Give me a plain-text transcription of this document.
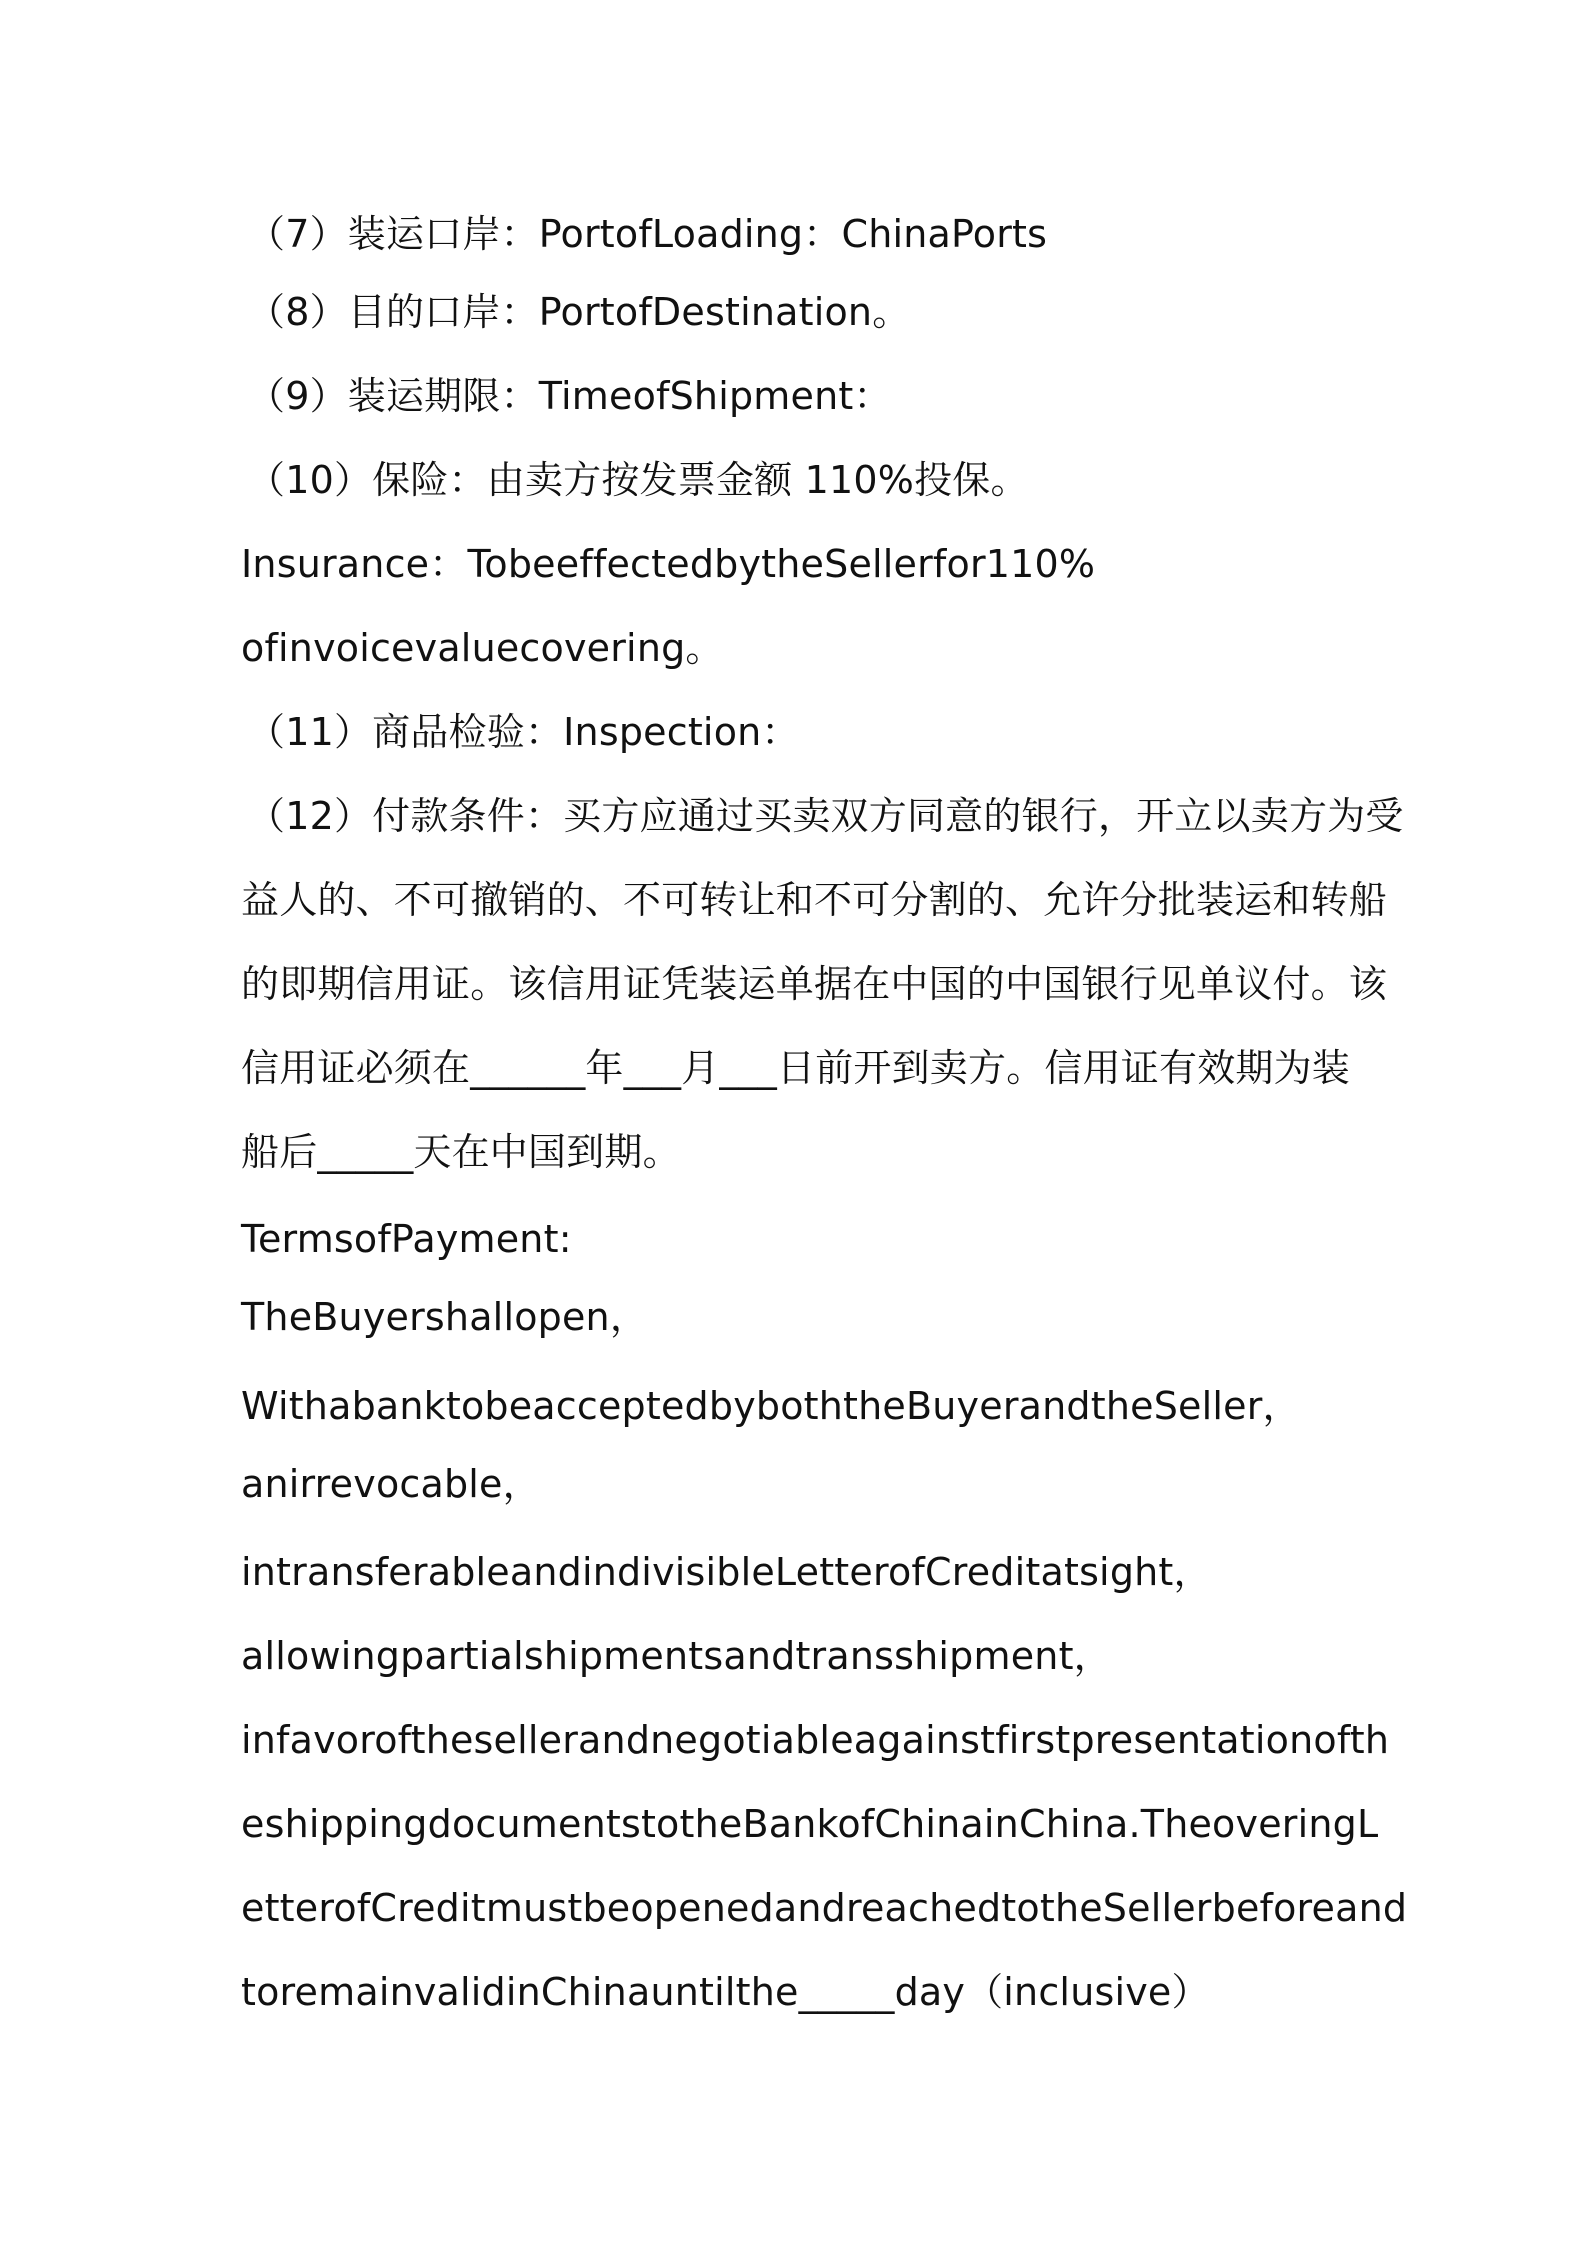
（7）装运口岸：PortofLoading：ChinaPorts
（8）目的口岸：PortofDestination。
（9）装运期限：TimeofShipment：
（10）保险：由卖方按发票金额 110%投保。
Insurance：TobeeffectedbytheSellerfor110%
ofinvoicevaluecovering。
（11）商品检验：Inspection：
（12）付款条件：买方应通过买卖双方同意的银行，开立以卖方为受
益人的、不可撤销的、不可转让和不可分割的、允许分批装运和转船
的即期信用证。该信用证凭装运单据在中国的中国银行见单议付。该
信用证必须在______年___月___日前开到卖方。信用证有效期为装
船后_____天在中国到期。
TermsofPayment:
TheBuyershallopen，
WithabanktobeacceptedbyboththeBuyerandtheSeller，
anirrevocable，
intransferableandindivisibleLetterofCreditatsight，
allowingpartialshipmentsandtransshipment，
infavorofthesellerandnegotiableagainstfirstpresentationofth
eshippingdocumentstotheBankofChinainChina.TheoveringL
etterofCreditmustbeopenedandreachedtotheSellerbeforeand
toremainvalidinChinauntilthe_____day（inclusive）
